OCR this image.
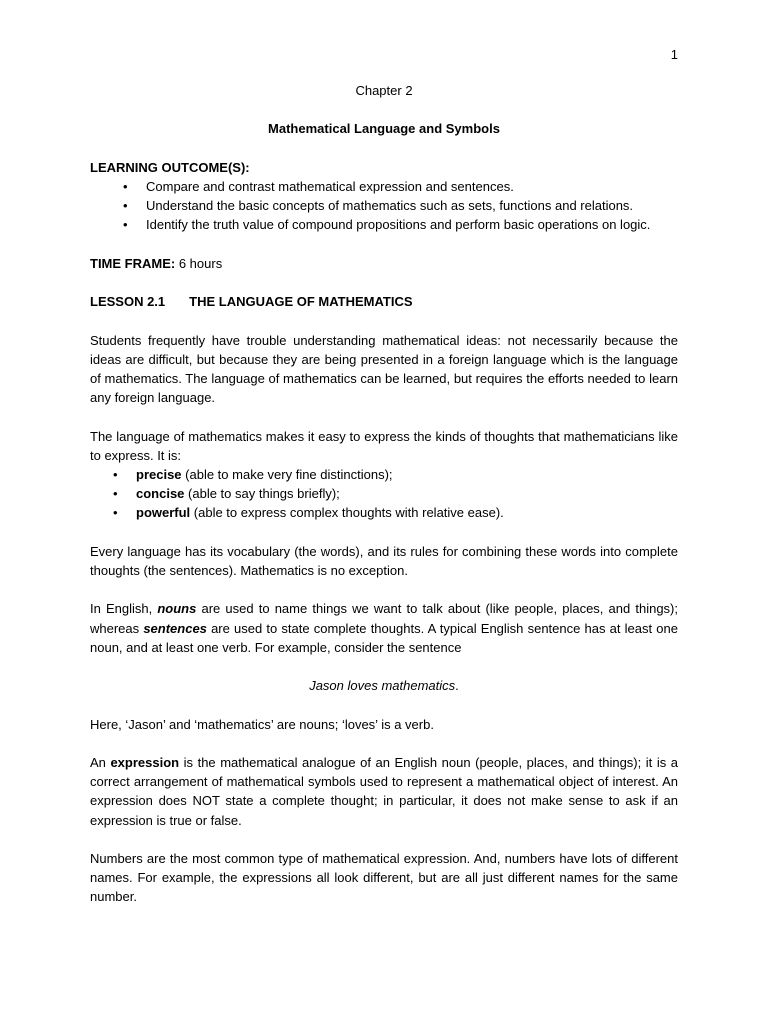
1
Chapter 2
Mathematical Language and Symbols
LEARNING OUTCOME(S):
• Compare and contrast mathematical expression and sentences.
• Understand the basic concepts of mathematics such as sets, functions and relations.
• Identify the truth value of compound propositions and perform basic operations on logic.

TIME FRAME: 6 hours

LESSON 2.1 THE LANGUAGE OF MATHEMATICS

Students frequently have trouble understanding mathematical ideas: not necessarily because the ideas are difficult, but because they are being presented in a foreign language which is the language of mathematics. The language of mathematics can be learned, but requires the efforts needed to learn any foreign language.

The language of mathematics makes it easy to express the kinds of thoughts that mathematicians like to express. It is:

• precise (able to make very fine distinctions);
• concise (able to say things briefly);
• powerful (able to express complex thoughts with relative ease).

Every language has its vocabulary (the words), and its rules for combining these words into complete thoughts (the sentences). Mathematics is no exception.

In English, nouns are used to name things we want to talk about (like people, places, and things); whereas sentences are used to state complete thoughts. A typical English sentence has at least one noun, and at least one verb. For example, consider the sentence

Jason loves mathematics.

Here, ‘Jason’ and ‘mathematics’ are nouns; ‘loves’ is a verb.

An expression is the mathematical analogue of an English noun (people, places, and things); it is a correct arrangement of mathematical symbols used to represent a mathematical object of interest. An expression does NOT state a complete thought; in particular, it does not make sense to ask if an expression is true or false.

Numbers are the most common type of mathematical expression. And, numbers have lots of different names. For example, the expressions all look different, but are all just different names for the same number.
